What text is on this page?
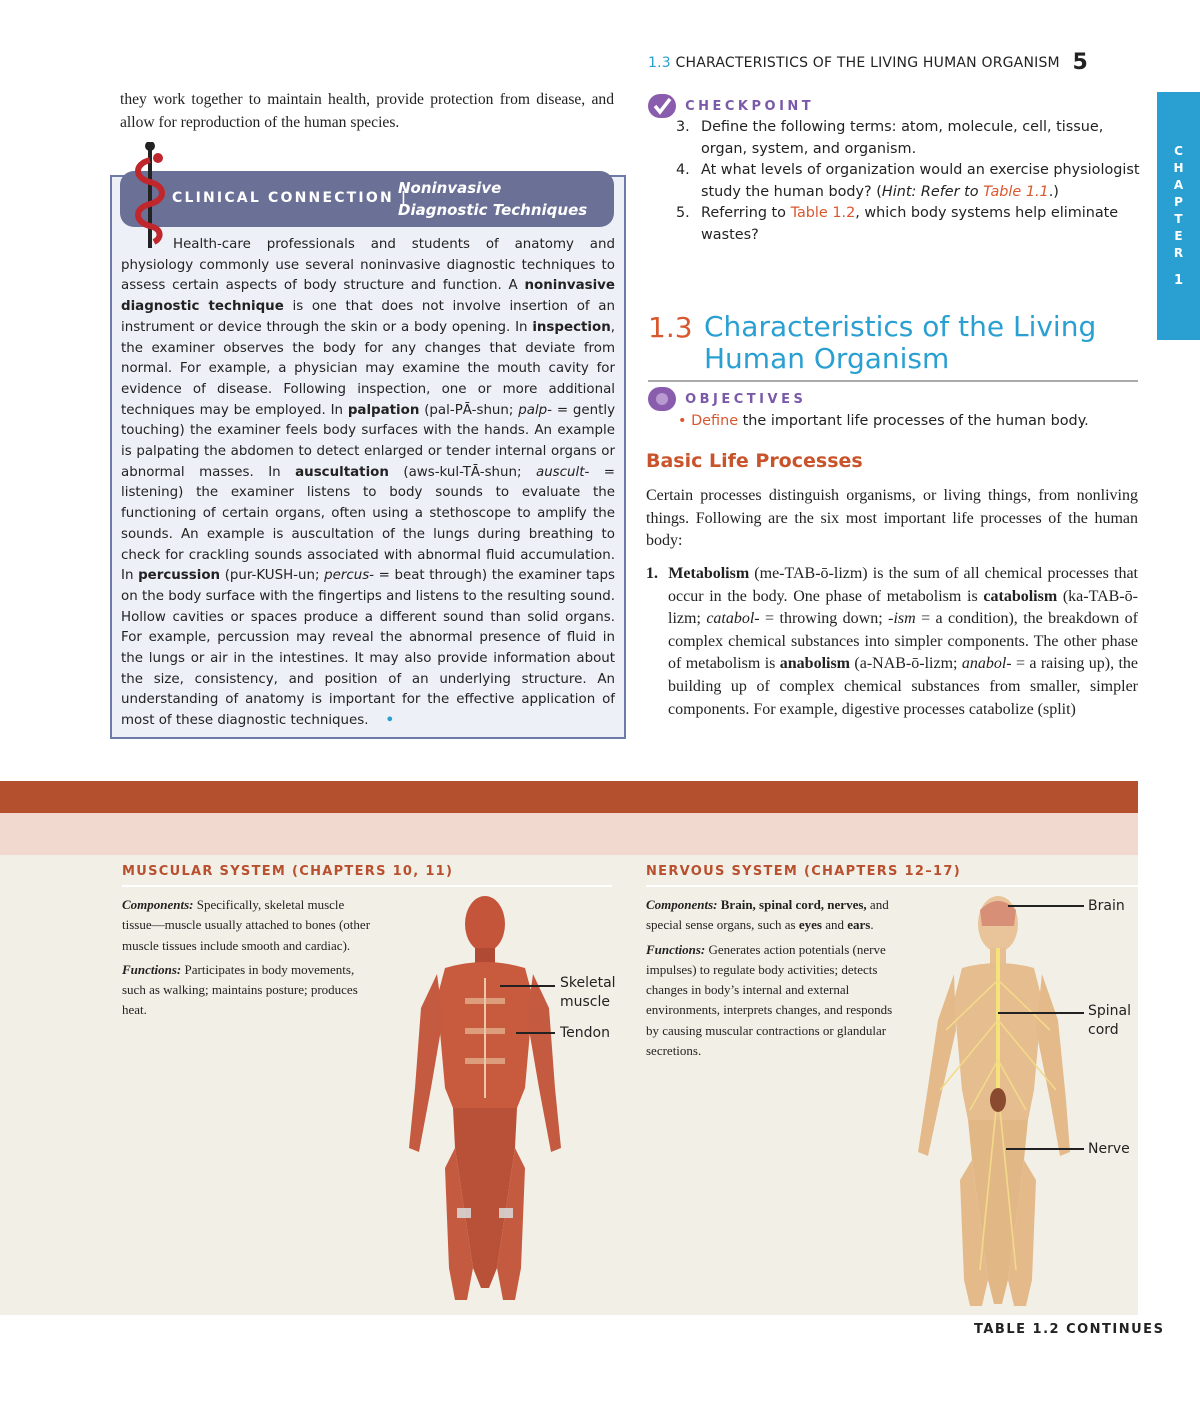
1.3 CHARACTERISTICS OF THE LIVING HUMAN ORGANISM 5
C
H
A
P
T
E
R
1
they work together to maintain health, provide protection from disease, and allow for reproduction of the human species.
CLINICAL CONNECTION |
Noninvasive
Diagnostic Techniques

Health-care professionals and students of anatomy and physiology commonly use several noninvasive diagnostic techniques to assess certain aspects of body structure and function. A noninvasive diagnostic technique is one that does not involve insertion of an instrument or device through the skin or a body opening. In inspection, the examiner observes the body for any changes that deviate from normal. For example, a physician may examine the mouth cavity for evidence of disease. Following inspection, one or more additional techniques may be employed. In palpation (pal-PĀ-shun; palp- = gently touching) the examiner feels body surfaces with the hands. An example is palpating the abdomen to detect enlarged or tender internal organs or abnormal masses. In auscultation (aws-kul-TĀ-shun; auscult- = listening) the examiner listens to body sounds to evaluate the functioning of certain organs, often using a stethoscope to amplify the sounds. An example is auscultation of the lungs during breathing to check for crackling sounds associated with abnormal fluid accumulation. In percussion (pur-KUSH-un; percus- = beat through) the examiner taps on the body surface with the fingertips and listens to the resulting sound. Hollow cavities or spaces produce a different sound than solid organs. For example, percussion may reveal the abnormal presence of fluid in the lungs or air in the intestines. It may also provide information about the size, consistency, and position of an underlying structure. An understanding of anatomy is important for the effective application of most of these diagnostic techniques. •

CHECKPOINT
3. Define the following terms: atom, molecule, cell, tissue, organ, system, and organism.
4. At what levels of organization would an exercise physiologist study the human body? (Hint: Refer to Table 1.1.)
5. Referring to Table 1.2, which body systems help eliminate wastes?
1.3 Characteristics of the Living Human Organism
OBJECTIVES
• Define the important life processes of the human body.
Basic Life Processes
Certain processes distinguish organisms, or living things, from nonliving things. Following are the six most important life processes of the human body:
1. Metabolism (me-TAB-ō-lizm) is the sum of all chemical processes that occur in the body. One phase of metabolism is catabolism (ka-TAB-ō-lizm; catabol- = throwing down; -ism = a condition), the breakdown of complex chemical substances into simpler components. The other phase of metabolism is anabolism (a-NAB-ō-lizm; anabol- = a raising up), the building up of complex chemical substances from smaller, simpler components. For example, digestive processes catabolize (split)
MUSCULAR SYSTEM (CHAPTERS 10, 11)
Components: Specifically, skeletal muscle tissue—muscle usually attached to bones (other muscle tissues include smooth and cardiac).
Functions: Participates in body movements, such as walking; maintains posture; produces heat.
Skeletal
muscle
Tendon
NERVOUS SYSTEM (CHAPTERS 12–17)
Components: Brain, spinal cord, nerves, and special sense organs, such as eyes and ears.
Functions: Generates action potentials (nerve impulses) to regulate body activities; detects changes in body’s internal and external environments, interprets changes, and responds by causing muscular contractions or glandular secretions.
Brain
Spinal
cord
Nerve
TABLE 1.2 CONTINUES
